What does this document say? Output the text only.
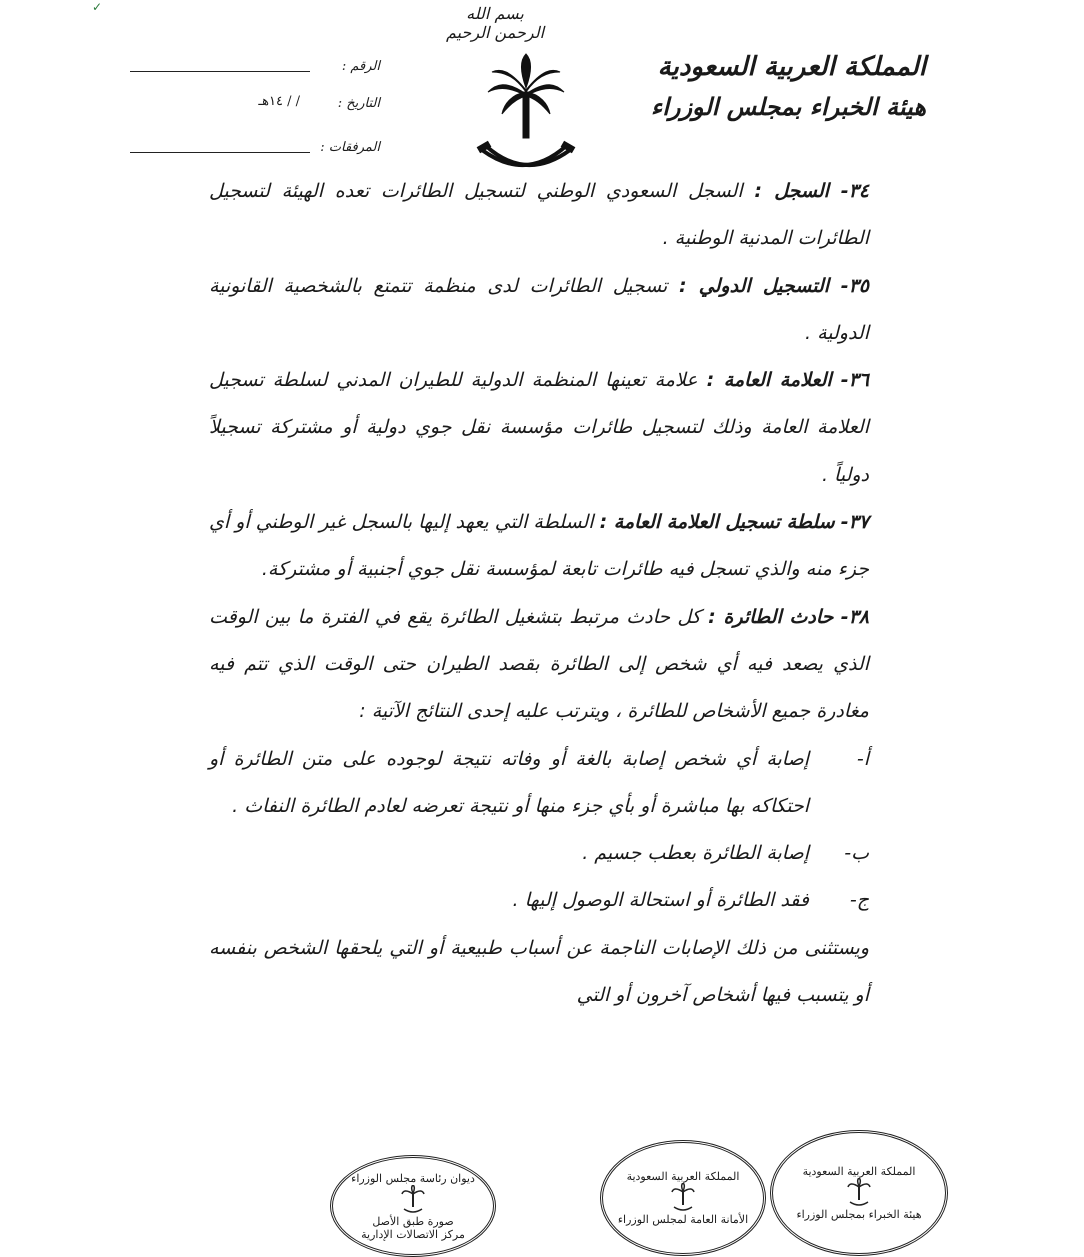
✓	بسم الله الرحمن الرحيم
المملكة العربية السعودية
هيئة الخبراء بمجلس الوزراء
الرقم :
التاريخ :
/ / ١٤هـ
المرفقات :

٣٤- السجل : السجل السعودي الوطني لتسجيل الطائرات تعده الهيئة لتسجيل الطائرات المدنية الوطنية .

٣٥- التسجيل الدولي : تسجيل الطائرات لدى منظمة تتمتع بالشخصية القانونية الدولية .

٣٦- العلامة العامة : علامة تعينها المنظمة الدولية للطيران المدني لسلطة تسجيل العلامة العامة وذلك لتسجيل طائرات مؤسسة نقل جوي دولية أو مشتركة تسجيلاً دولياً .

٣٧- سلطة تسجيل العلامة العامة : السلطة التي يعهد إليها بالسجل غير الوطني أو أي جزء منه والذي تسجل فيه طائرات تابعة لمؤسسة نقل جوي أجنبية أو مشتركة.

٣٨- حادث الطائرة : كل حادث مرتبط بتشغيل الطائرة يقع في الفترة ما بين الوقت الذي يصعد فيه أي شخص إلى الطائرة بقصد الطيران حتى الوقت الذي تتم فيه مغادرة جميع الأشخاص للطائرة ، ويترتب عليه إحدى النتائج الآتية :

أ-
إصابة أي شخص إصابة بالغة أو وفاته نتيجة لوجوده على متن الطائرة أو احتكاكه بها مباشرة أو بأي جزء منها أو نتيجة تعرضه لعادم الطائرة النفاث .
ب-
إصابة الطائرة بعطب جسيم .
ج-
فقد الطائرة أو استحالة الوصول إليها .

ويستثنى من ذلك الإصابات الناجمة عن أسباب طبيعية أو التي يلحقها الشخص بنفسه أو يتسبب فيها أشخاص آخرون أو التي

ديوان رئاسة مجلس الوزراء
صورة طبق الأصل
مركز الاتصالات الإدارية
المملكة العربية السعودية
الأمانة العامة لمجلس الوزراء
المملكة العربية السعودية
هيئة الخبراء بمجلس الوزراء
